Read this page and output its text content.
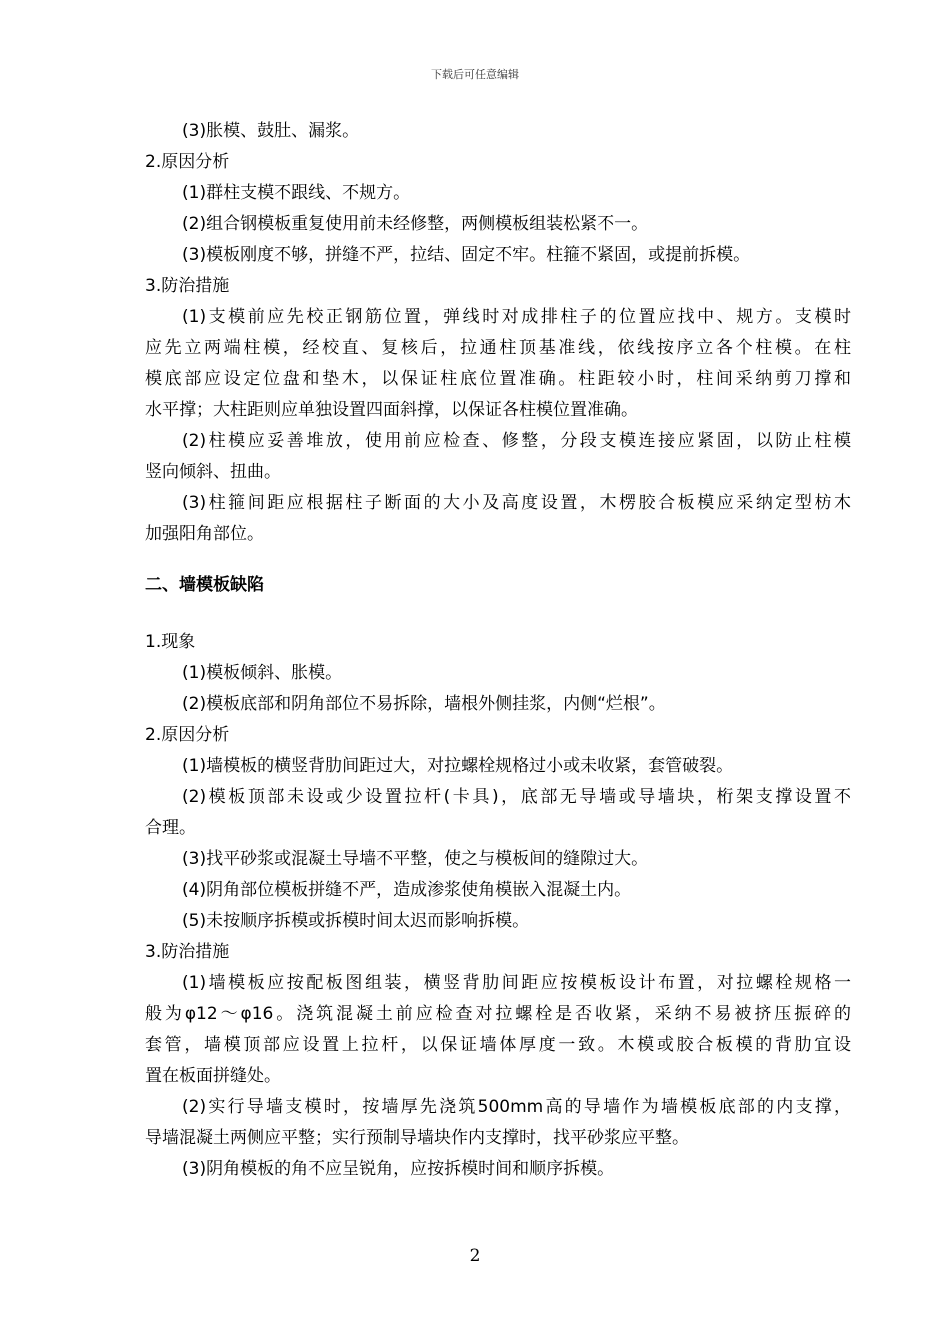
下载后可任意编辑
(3)胀模、鼓肚、漏浆。
2.原因分析
(1)群柱支模不跟线、不规方。
(2)组合钢模板重复使用前未经修整，两侧模板组装松紧不一。
(3)模板刚度不够，拼缝不严，拉结、固定不牢。柱箍不紧固，或提前拆模。
3.防治措施
(1)支模前应先校正钢筋位置，弹线时对成排柱子的位置应找中、规方。支模时
应先立两端柱模，经校直、复核后，拉通柱顶基准线，依线按序立各个柱模。在柱
模底部应设定位盘和垫木，以保证柱底位置准确。柱距较小时，柱间采纳剪刀撑和
水平撑；大柱距则应单独设置四面斜撑，以保证各柱模位置准确。
(2)柱模应妥善堆放，使用前应检查、修整，分段支模连接应紧固，以防止柱模
竖向倾斜、扭曲。
(3)柱箍间距应根据柱子断面的大小及高度设置，木楞胶合板模应采纳定型枋木
加强阳角部位。
二、墙模板缺陷
1.现象
(1)模板倾斜、胀模。
(2)模板底部和阴角部位不易拆除，墙根外侧挂浆，内侧“烂根”。
2.原因分析
(1)墙模板的横竖背肋间距过大，对拉螺栓规格过小或未收紧，套管破裂。
(2)模板顶部未设或少设置拉杆(卡具)，底部无导墙或导墙块，桁架支撑设置不
合理。
(3)找平砂浆或混凝土导墙不平整，使之与模板间的缝隙过大。
(4)阴角部位模板拼缝不严，造成渗浆使角模嵌入混凝土内。
(5)未按顺序拆模或拆模时间太迟而影响拆模。
3.防治措施
(1)墙模板应按配板图组装，横竖背肋间距应按模板设计布置，对拉螺栓规格一
般为φ12～φ16。浇筑混凝土前应检查对拉螺栓是否收紧，采纳不易被挤压振碎的
套管，墙模顶部应设置上拉杆，以保证墙体厚度一致。木模或胶合板模的背肋宜设
置在板面拼缝处。
(2)实行导墙支模时，按墙厚先浇筑500mm高的导墙作为墙模板底部的内支撑，
导墙混凝土两侧应平整；实行预制导墙块作内支撑时，找平砂浆应平整。
(3)阴角模板的角不应呈锐角，应按拆模时间和顺序拆模。
2
